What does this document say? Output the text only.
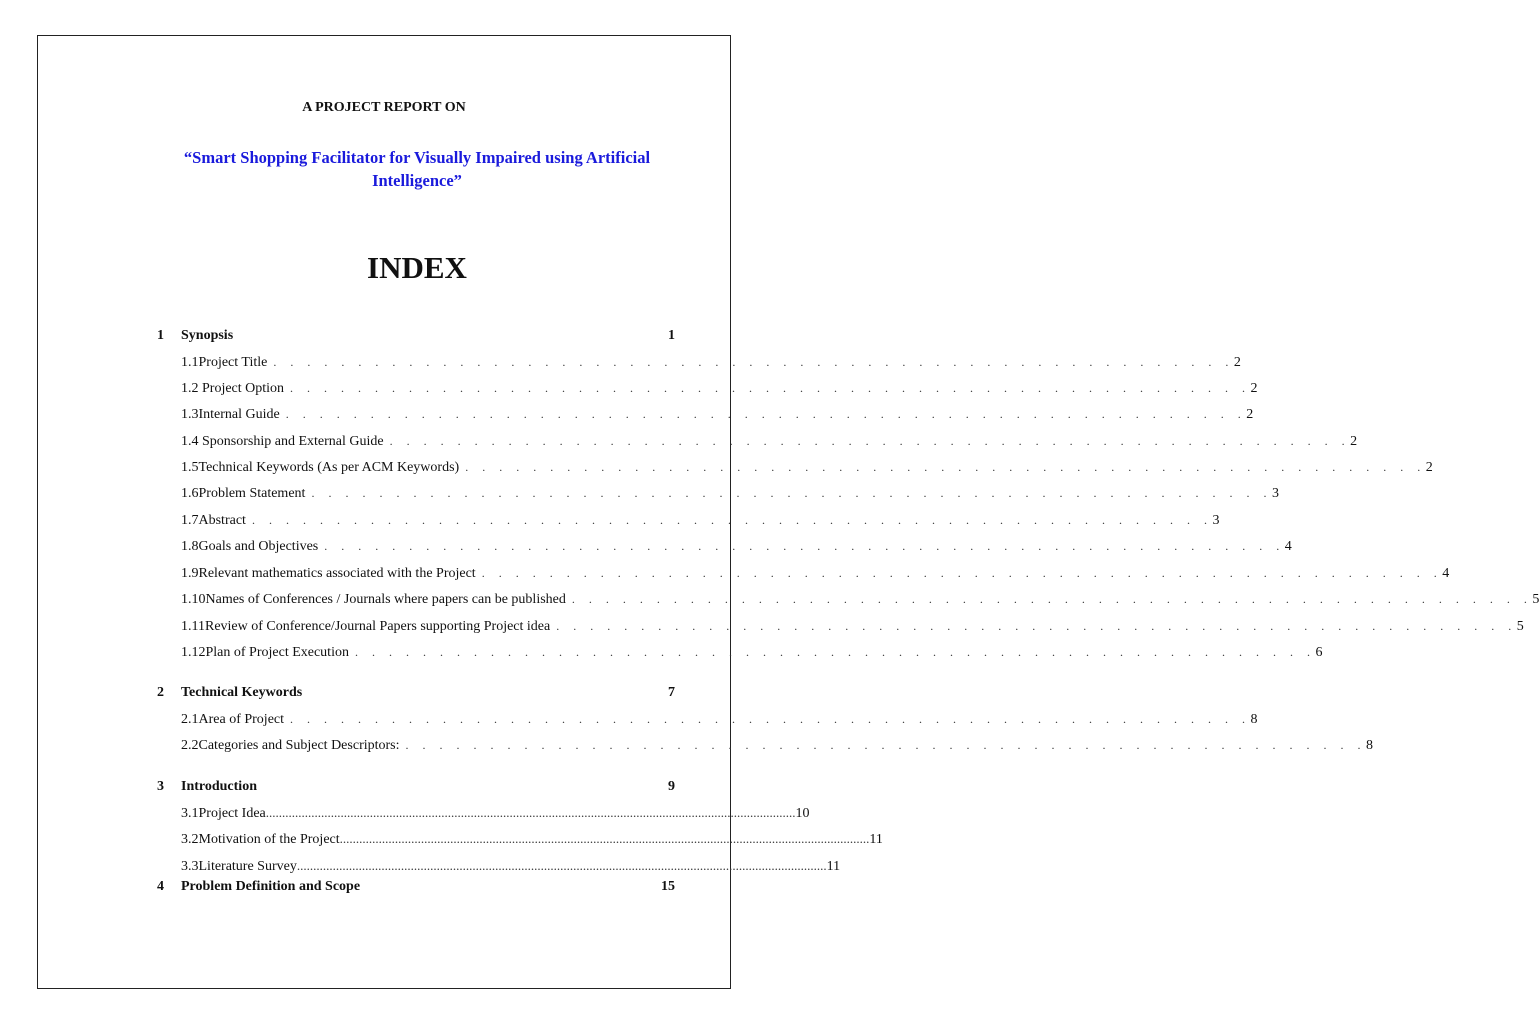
A PROJECT REPORT ON
“Smart Shopping Facilitator for Visually Impaired using Artificial Intelligence”
INDEX
1	Synopsis	1
1.1 Project Title . . . . . . . . . . . . . . . . . . . . . . . . . . . . . . . . . . . . . . . . . . . . . . . . . . . . . . . . . 2
1.2 Project Option . . . . . . . . . . . . . . . . . . . . . . . . . . . . . . . . . . . . . . . . . . . . . . . . . . . . . . . . . 2
1.3 Internal Guide . . . . . . . . . . . . . . . . . . . . . . . . . . . . . . . . . . . . . . . . . . . . . . . . . . . . . . . . . 2
1.4 Sponsorship and External Guide . . . . . . . . . . . . . . . . . . . . . . . . . . . . . . . . . . . . . . . . . . . . . . . . . . . . . . . . . 2
1.5 Technical Keywords (As per ACM Keywords) . . . . . . . . . . . . . . . . . . . . . . . . . . . . . . . . . . . . . . . . . . . . . . . . . . . . . . . . . 2
1.6 Problem Statement . . . . . . . . . . . . . . . . . . . . . . . . . . . . . . . . . . . . . . . . . . . . . . . . . . . . . . . . . 3
1.7 Abstract . . . . . . . . . . . . . . . . . . . . . . . . . . . . . . . . . . . . . . . . . . . . . . . . . . . . . . . . . 3
1.8 Goals and Objectives . . . . . . . . . . . . . . . . . . . . . . . . . . . . . . . . . . . . . . . . . . . . . . . . . . . . . . . . . 4
1.9 Relevant mathematics associated with the Project . . . . . . . . . . . . . . . . . . . . . . . . . . . . . . . . . . . . . . . . . . . . . . . . . . . . . . . . . 4
1.10 Names of Conferences / Journals where papers can be published . . . . . . . . . . . . . . . . . . . . . . . . . . . . . . . . . . . . . . . . . . . . . . . . . . . . . . . . . 5
1.11 Review of Conference/Journal Papers supporting Project idea . . . . . . . . . . . . . . . . . . . . . . . . . . . . . . . . . . . . . . . . . . . . . . . . . . . . . . . . . 5
1.12 Plan of Project Execution . . . . . . . . . . . . . . . . . . . . . . . . . . . . . . . . . . . . . . . . . . . . . . . . . . . . . . . . . 6
2	Technical Keywords	7
2.1 Area of Project . . . . . . . . . . . . . . . . . . . . . . . . . . . . . . . . . . . . . . . . . . . . . . . . . . . . . . . . . 8
2.2 Categories and Subject Descriptors: . . . . . . . . . . . . . . . . . . . . . . . . . . . . . . . . . . . . . . . . . . . . . . . . . . . . . . . . . 8
3	Introduction	9
3.1 Project Idea ................................................................................................................................................................... 10
3.2 Motivation of the Project ................................................................................................................................................................... 11
3.3 Literature Survey ................................................................................................................................................................... 11
4	Problem Definition and Scope	15
